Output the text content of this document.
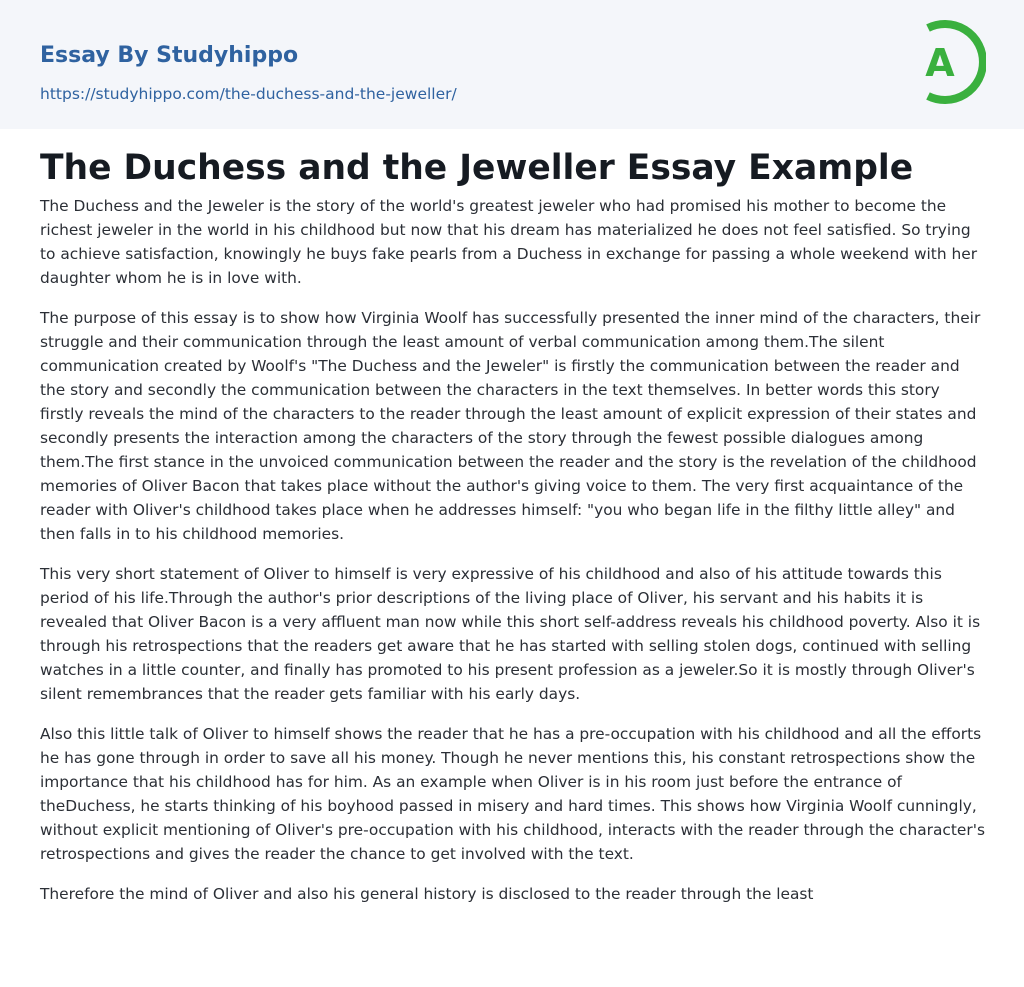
Essay By Studyhippo
https://studyhippo.com/the-duchess-and-the-jeweller/
A
The Duchess and the Jeweller Essay Example

The Duchess and the Jeweler is the story of the world's greatest jeweler who had promised his mother to become the richest jeweler in the world in his childhood but now that his dream has materialized he does not feel satisfied. So trying to achieve satisfaction, knowingly he buys fake pearls from a Duchess in exchange for passing a whole weekend with her daughter whom he is in love with.

The purpose of this essay is to show how Virginia Woolf has successfully presented the inner mind of the characters, their struggle and their communication through the least amount of verbal communication among them.The silent communication created by Woolf's "The Duchess and the Jeweler" is firstly the communication between the reader and the story and secondly the communication between the characters in the text themselves. In better words this story firstly reveals the mind of the characters to the reader through the least amount of explicit expression of their states and secondly presents the interaction among the characters of the story through the fewest possible dialogues among them.The first stance in the unvoiced communication between the reader and the story is the revelation of the childhood memories of Oliver Bacon that takes place without the author's giving voice to them. The very first acquaintance of the reader with Oliver's childhood takes place when he addresses himself: "you who began life in the filthy little alley" and then falls in to his childhood memories.

This very short statement of Oliver to himself is very expressive of his childhood and also of his attitude towards this period of his life.Through the author's prior descriptions of the living place of Oliver, his servant and his habits it is revealed that Oliver Bacon is a very affluent man now while this short self-address reveals his childhood poverty. Also it is through his retrospections that the readers get aware that he has started with selling stolen dogs, continued with selling watches in a little counter, and finally has promoted to his present profession as a jeweler.So it is mostly through Oliver's silent remembrances that the reader gets familiar with his early days.

Also this little talk of Oliver to himself shows the reader that he has a pre-occupation with his childhood and all the efforts he has gone through in order to save all his money. Though he never mentions this, his constant retrospections show the importance that his childhood has for him. As an example when Oliver is in his room just before the entrance of theDuchess, he starts thinking of his boyhood passed in misery and hard times. This shows how Virginia Woolf cunningly, without explicit mentioning of Oliver's pre-occupation with his childhood, interacts with the reader through the character's retrospections and gives the reader the chance to get involved with the text.

Therefore the mind of Oliver and also his general history is disclosed to the reader through the least
